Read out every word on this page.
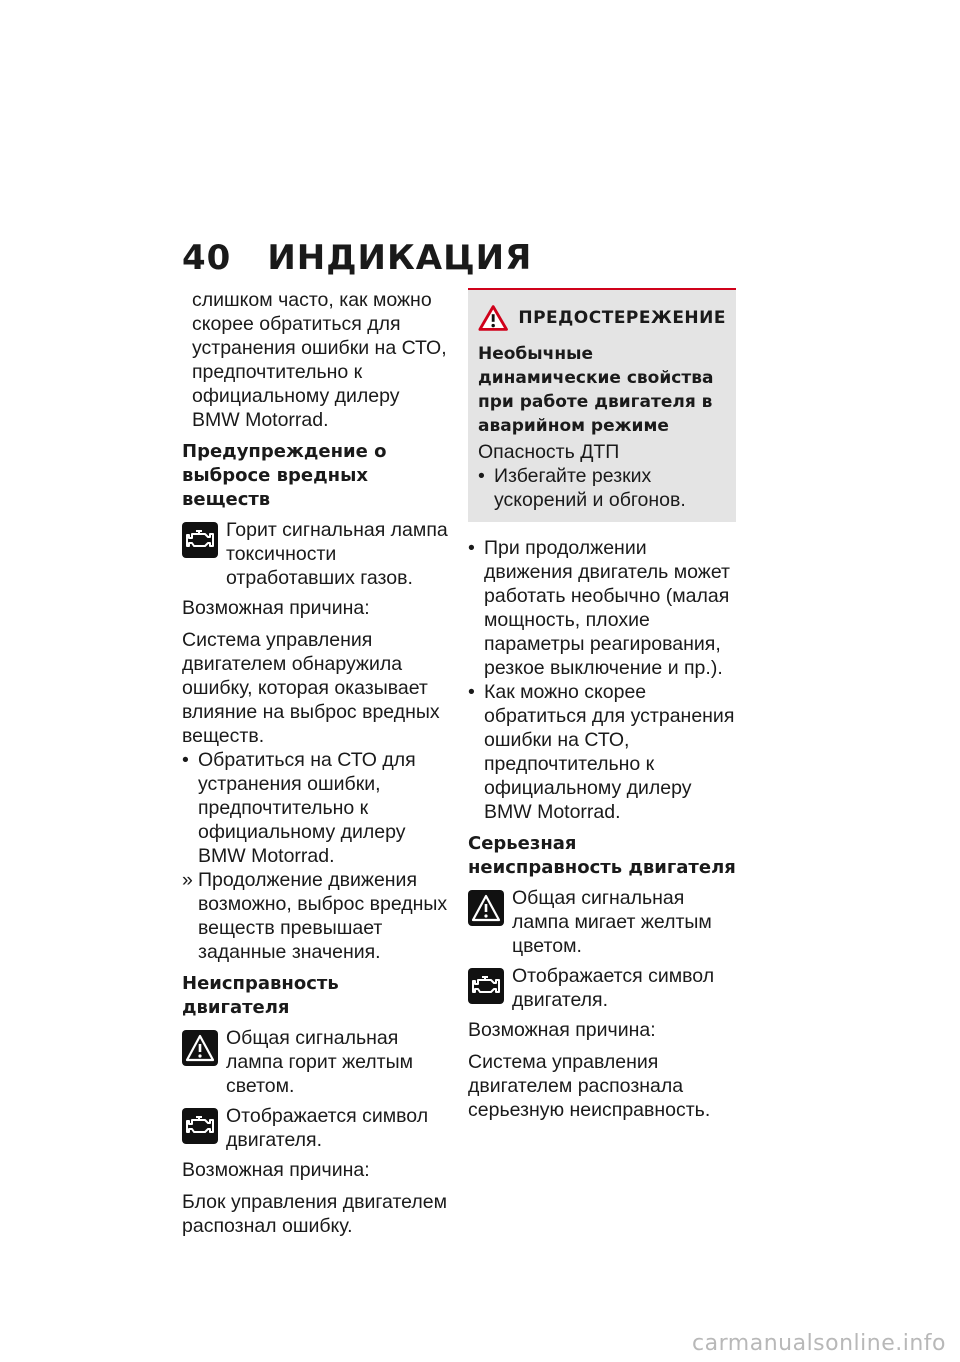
40 ИНДИКАЦИЯ

слишком часто, как можно скорее обратиться для устранения ошибки на СТО, предпочтительно к официальному дилеру BMW Motorrad.

Предупреждение о выбросе вредных веществ

Горит сигнальная лампа токсичности отработавших газов.

Возможная причина:

Система управления двигателем обнаружила ошибку, которая оказывает влияние на выброс вредных веществ.

• Обратиться на СТО для устранения ошибки, предпочтительно к официальному дилеру BMW Motorrad.
» Продолжение движения возможно, выброс вредных веществ превышает заданные значения.
Неисправность двигателя

Общая сигнальная лампа горит желтым светом.

Отображается символ двигателя.

Возможная причина:

Блок управления двигателем распознал ошибку.

ПРЕДОСТЕРЕЖЕНИЕ
Необычные динамические свойства при работе двигателя в аварийном режиме

Опасность ДТП

• Избегайте резких ускорений и обгонов.
• При продолжении движения двигатель может работать необычно (малая мощность, плохие параметры реагирования, резкое выключение и пр.).
• Как можно скорее обратиться для устранения ошибки на СТО, предпочтительно к официальному дилеру BMW Motorrad.
Серьезная неисправность двигателя

Общая сигнальная лампа мигает желтым цветом.

Отображается символ двигателя.

Возможная причина:

Система управления двигателем распознала серьезную неисправность.

carmanualsonline.info
